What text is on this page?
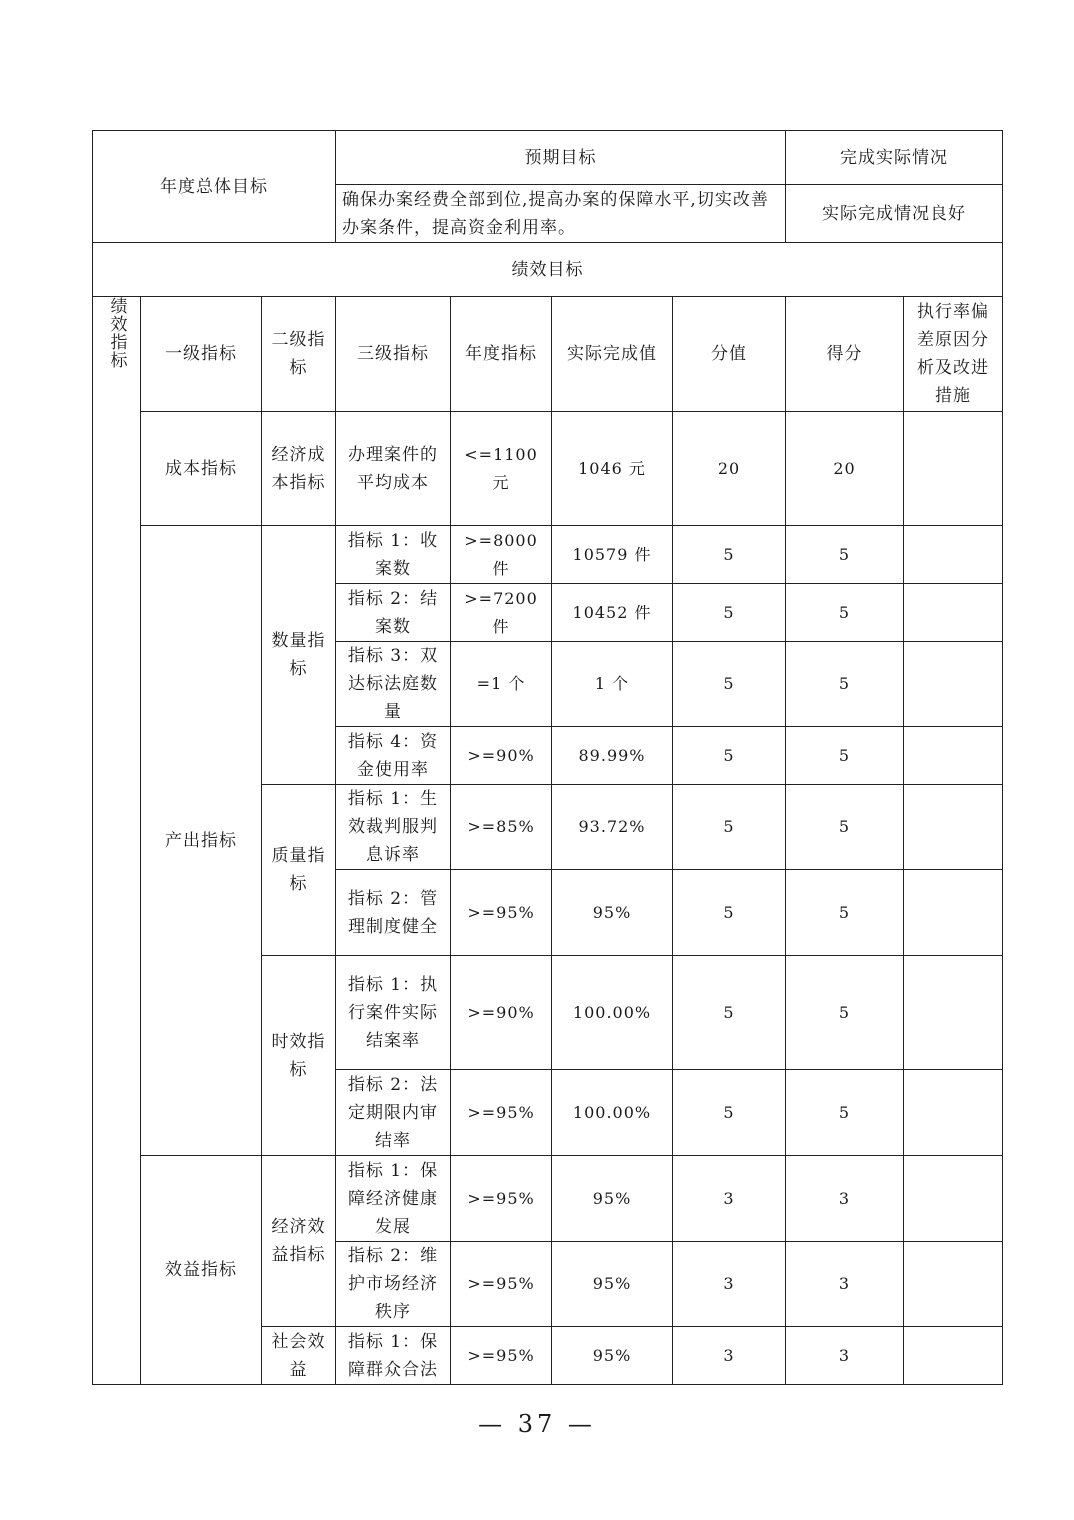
年度总体目标			预期目标				完成实际情况	
			确保办案经费全部到位,提高办案的保障水平,切实改善办案条件，提高资金利用率。				实际完成情况良好	
绩效目标								
绩效指标	一级指标	二级指标	三级指标	年度指标	实际完成值	分值	得分	执行率偏差原因分析及改进措施
	成本指标	经济成本指标	办理案件的平均成本	<=1100元	1046 元	20	20	
	产出指标	数量指标	指标 1：收案数	>=8000件	10579 件	5	5	
			指标 2：结案数	>=7200件	10452 件	5	5	
			指标 3：双达标法庭数量	=1 个	1 个	5	5	
			指标 4：资金使用率	>=90%	89.99%	5	5	
		质量指标	指标 1：生效裁判服判息诉率	>=85%	93.72%	5	5	
			指标 2：管理制度健全	>=95%	95%	5	5	
		时效指标	指标 1：执行案件实际结案率	>=90%	100.00%	5	5	
			指标 2：法定期限内审结率	>=95%	100.00%	5	5	
	效益指标	经济效益指标	指标 1：保障经济健康发展	>=95%	95%	3	3	
			指标 2：维护市场经济秩序	>=95%	95%	3	3	
		社会效益	指标 1：保障群众合法	>=95%	95%	3	3	
— 37 —
